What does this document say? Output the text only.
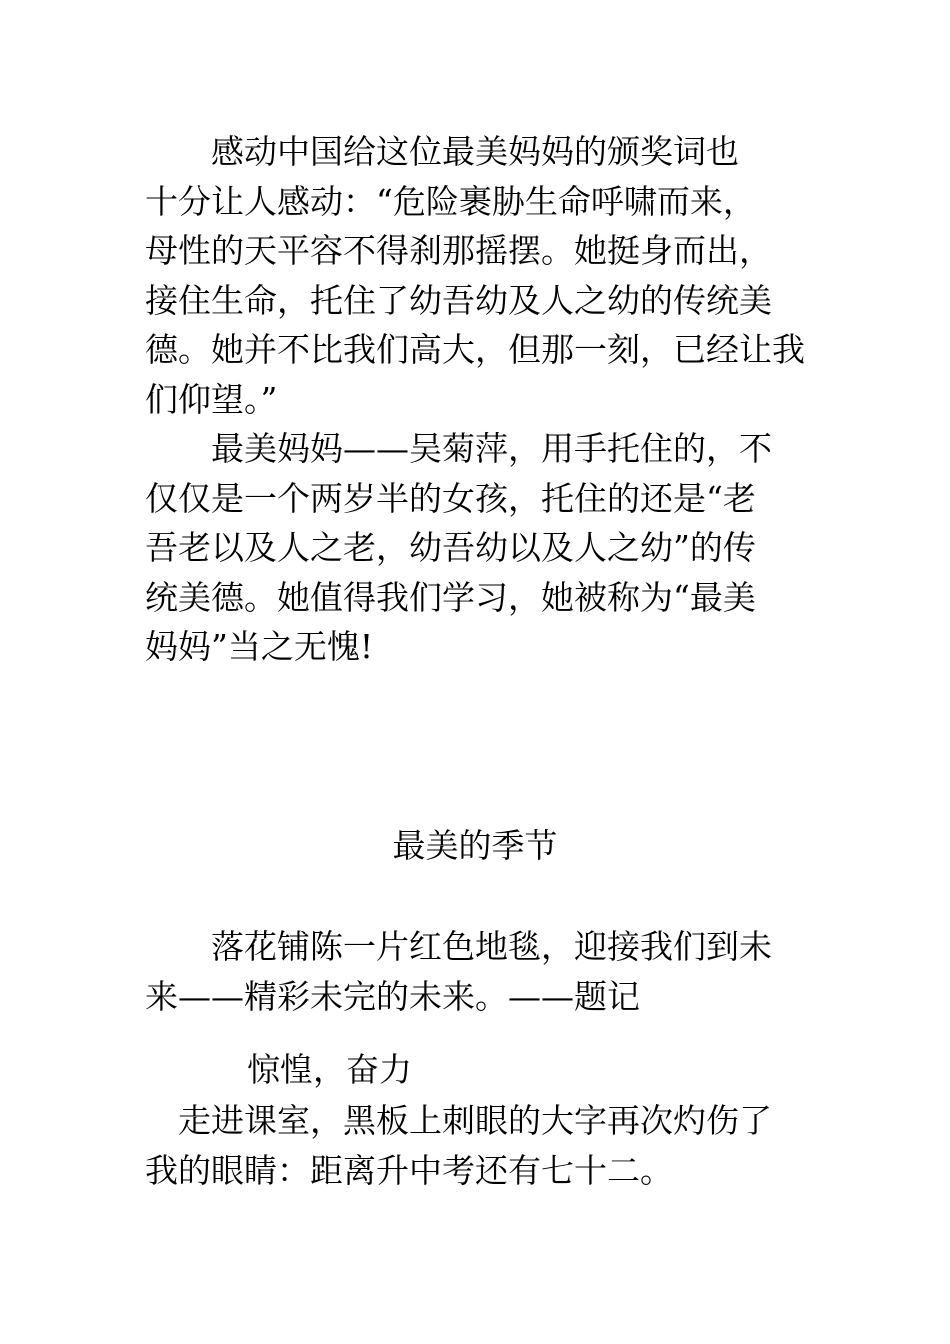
　　感动中国给这位最美妈妈的颁奖词也
十分让人感动：“危险裹胁生命呼啸而来，
母性的天平容不得刹那摇摆。她挺身而出，
接住生命，托住了幼吾幼及人之幼的传统美
德。她并不比我们高大，但那一刻，已经让我
们仰望。”
　　最美妈妈——吴菊萍，用手托住的，不
仅仅是一个两岁半的女孩，托住的还是“老
吾老以及人之老，幼吾幼以及人之幼”的传
统美德。她值得我们学习，她被称为“最美
妈妈”当之无愧!
最美的季节
　　落花铺陈一片红色地毯，迎接我们到未
来——精彩未完的未来。——题记
惊惶，奋力
　走进课室，黑板上刺眼的大字再次灼伤了
我的眼睛：距离升中考还有七十二。
